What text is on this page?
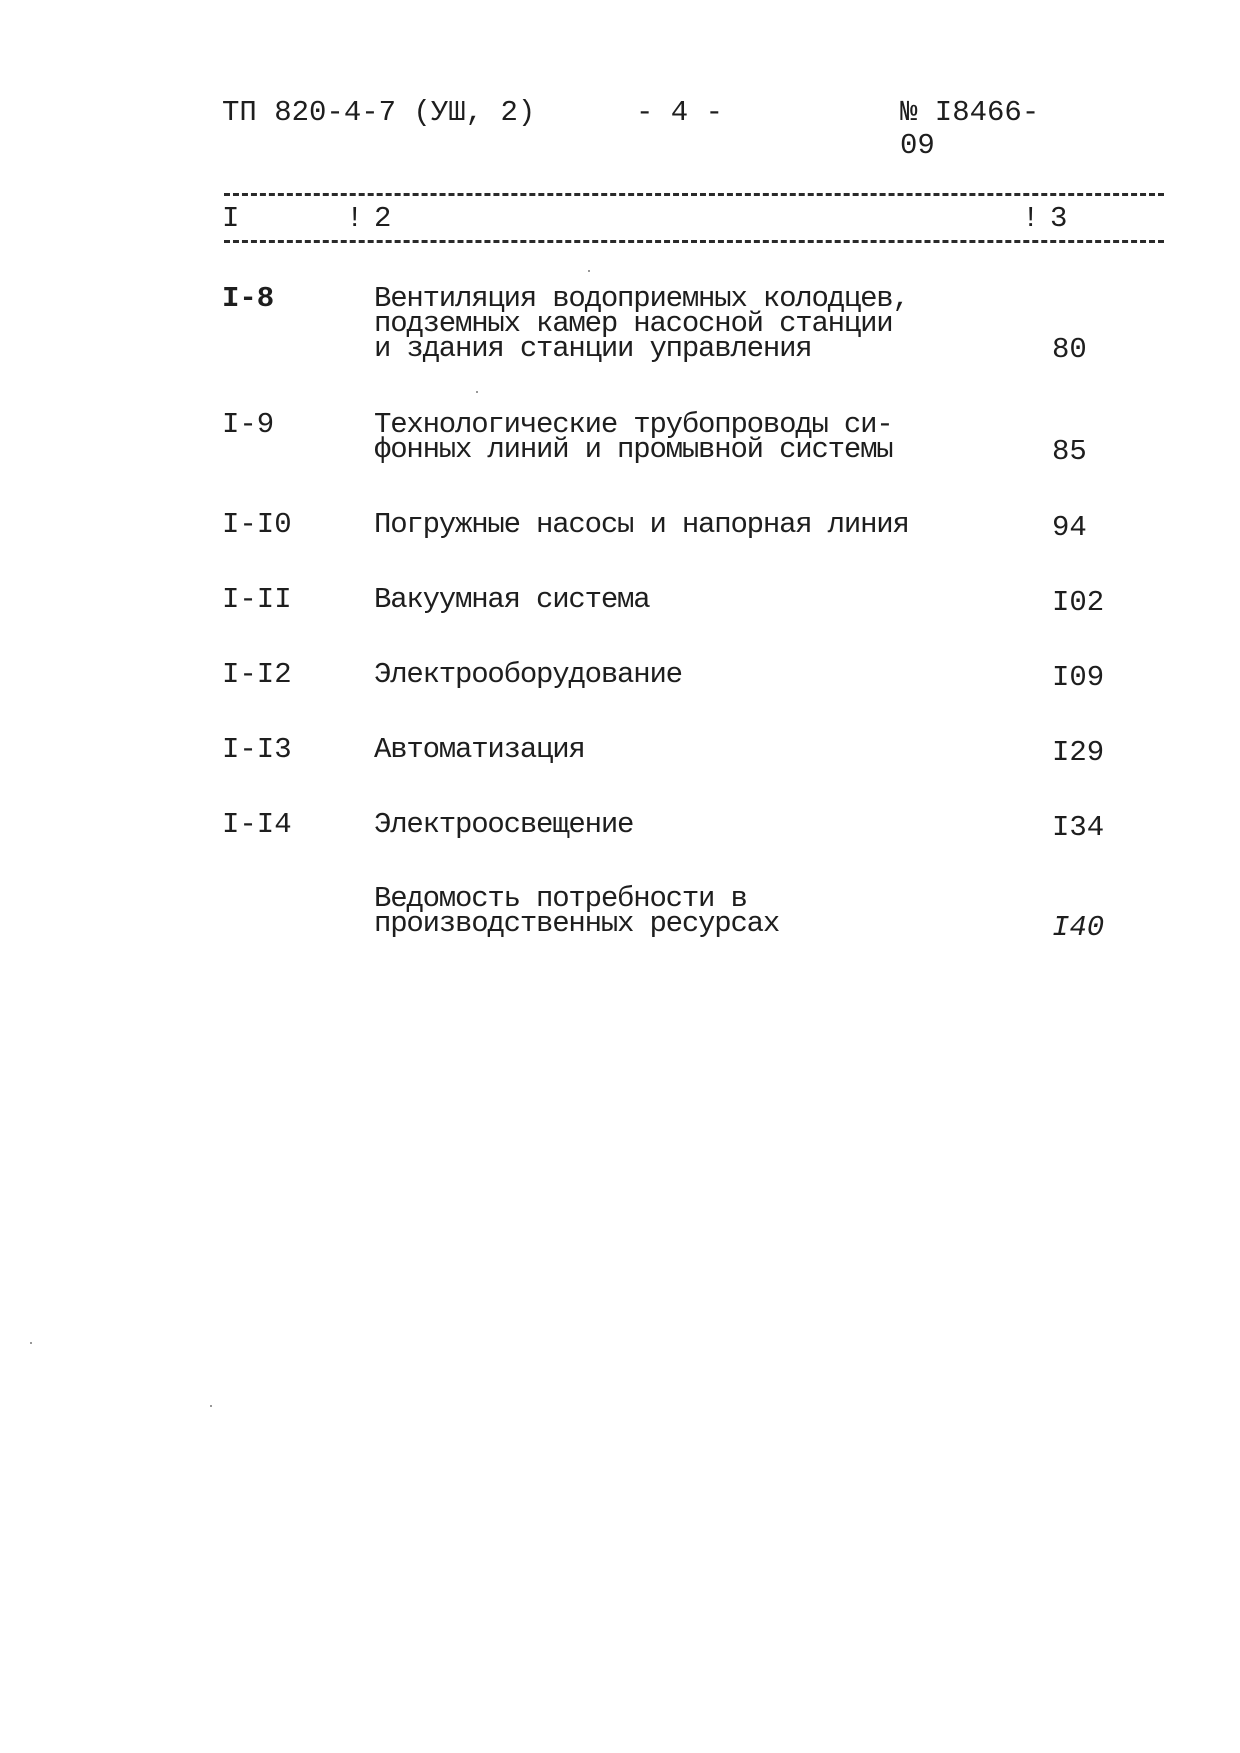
ТП 820-4-7 (УШ, 2)	- 4 -	№ I8466-09
I	! 2	! 3
I-8	Вентиляция водоприемных колодцев,
подземных камер насосной станции
и здания станции управления	80
I-9	Технологические трубопроводы си-
фонных линий и промывной системы	85
I-I0	Погружные насосы и напорная линия	94
I-II	Вакуумная система	I02
I-I2	Электрооборудование	I09
I-I3	Автоматизация	I29
I-I4	Электроосвещение	I34
Ведомость потребности в
производственных ресурсах	I40
